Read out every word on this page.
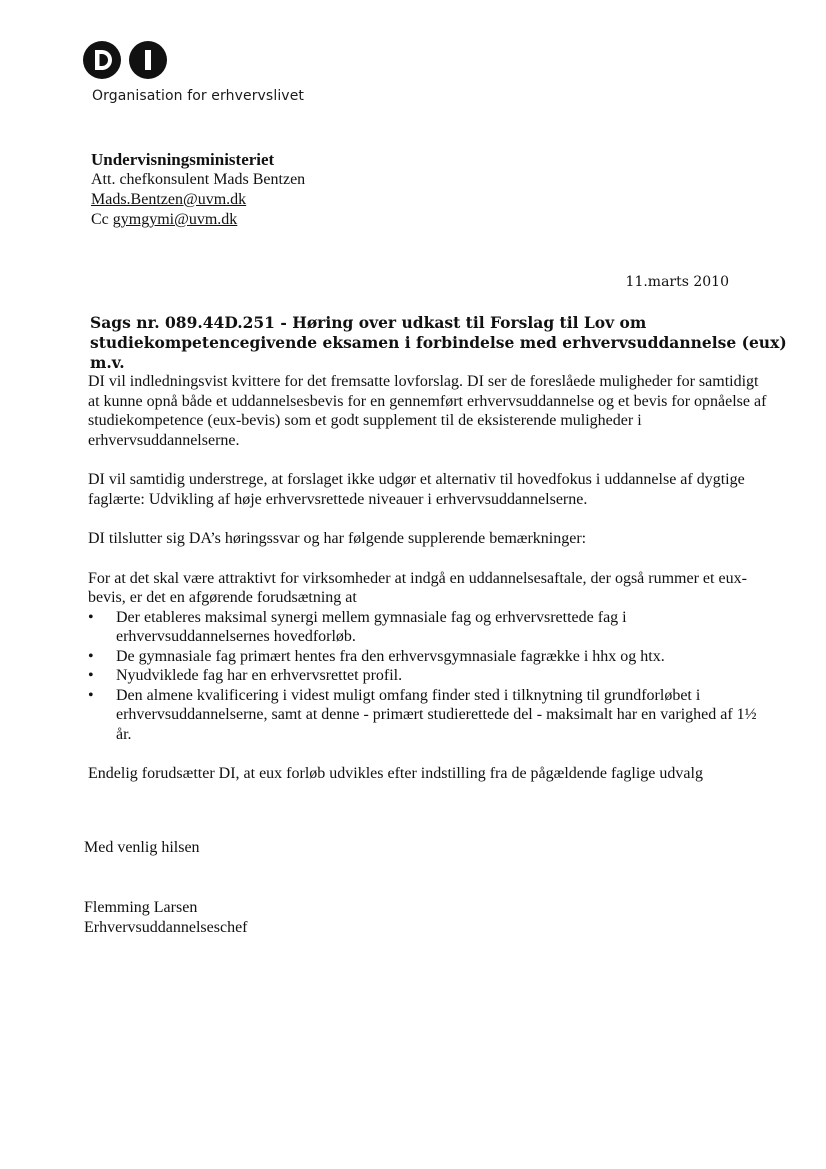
Organisation for erhvervslivet
Undervisningsministeriet
Att. chefkonsulent Mads Bentzen
Mads.Bentzen@uvm.dk
Cc gymgymi@uvm.dk
11.marts 2010
Sags nr. 089.44D.251 - Høring over udkast til Forslag til Lov om
studiekompetencegivende eksamen i forbindelse med erhvervsuddannelse (eux) m.v.

DI vil indledningsvist kvittere for det fremsatte lovforslag. DI ser de foreslåede muligheder for samtidigt at kunne opnå både et uddannelsesbevis for en gennemført erhvervsuddannelse og et bevis for opnåelse af studiekompetence (eux-bevis) som et godt supplement til de eksisterende muligheder i erhvervsuddannelserne.

DI vil samtidig understrege, at forslaget ikke udgør et alternativ til hovedfokus i uddannelse af dygtige faglærte: Udvikling af høje erhvervsrettede niveauer i erhvervsuddannelserne.

DI tilslutter sig DA’s høringssvar og har følgende supplerende bemærkninger:

For at det skal være attraktivt for virksomheder at indgå en uddannelsesaftale, der også rummer et eux-bevis, er det en afgørende forudsætning at

• Der etableres maksimal synergi mellem gymnasiale fag og erhvervsrettede fag i erhvervsuddannelsernes hovedforløb.
• De gymnasiale fag primært hentes fra den erhvervsgymnasiale fagrække i hhx og htx.
• Nyudviklede fag har en erhvervsrettet profil.
• Den almene kvalificering i videst muligt omfang finder sted i tilknytning til grundforløbet i erhvervsuddannelserne, samt at denne - primært studierettede del - maksimalt har en varighed af 1½ år.

Endelig forudsætter DI, at eux forløb udvikles efter indstilling fra de pågældende faglige udvalg

Med venlig hilsen
Flemming Larsen
Erhvervsuddannelseschef
